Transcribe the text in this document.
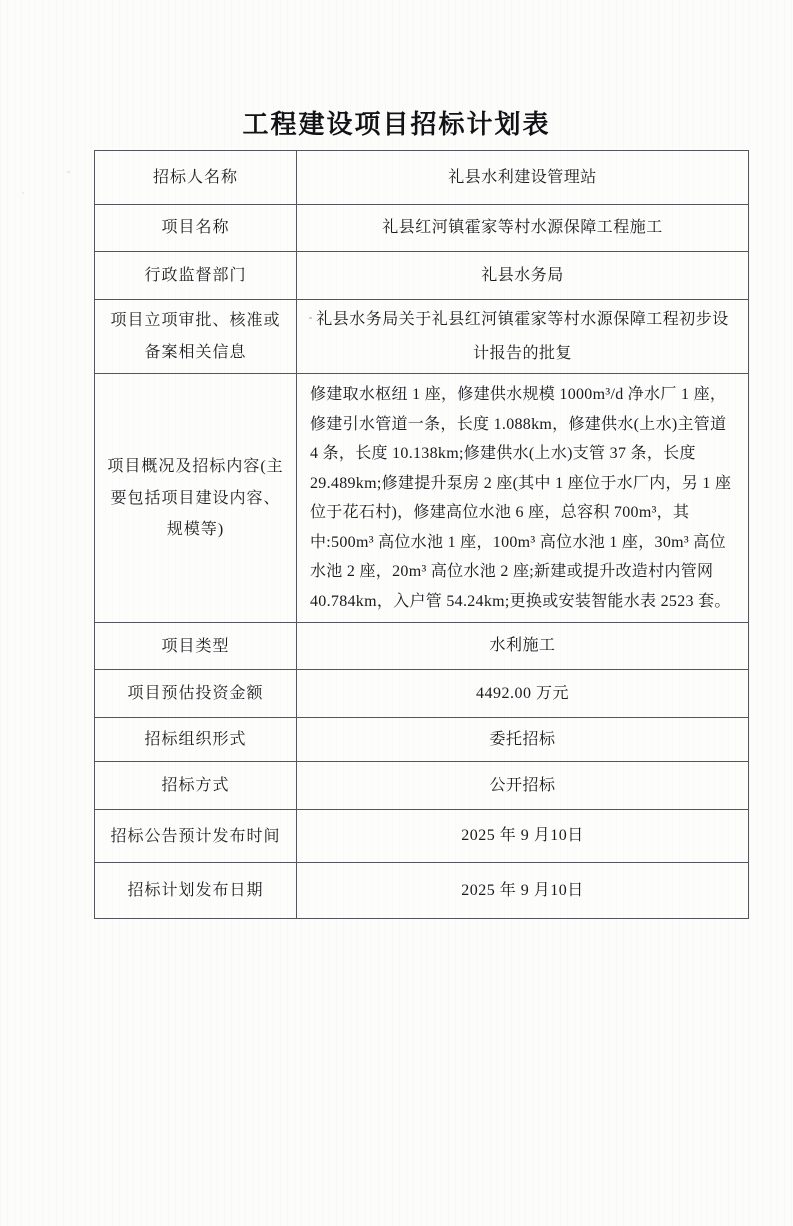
工程建设项目招标计划表
招标人名称	礼县水利建设管理站
项目名称	礼县红河镇霍家等村水源保障工程施工
行政监督部门	礼县水务局
项目立项审批、核准或备案相关信息	礼县水务局关于礼县红河镇霍家等村水源保障工程初步设计报告的批复
项目概况及招标内容(主要包括项目建设内容、规模等)	修建取水枢纽 1 座，修建供水规模 1000m³/d 净水厂 1 座，修建引水管道一条，长度 1.088km，修建供水(上水)主管道 4 条，长度 10.138km;修建供水(上水)支管 37 条，长度 29.489km;修建提升泵房 2 座(其中 1 座位于水厂内，另 1 座位于花石村)，修建高位水池 6 座，总容积 700m³，其中:500m³ 高位水池 1 座，100m³ 高位水池 1 座，30m³ 高位水池 2 座，20m³ 高位水池 2 座;新建或提升改造村内管网 40.784km，入户管 54.24km;更换或安装智能水表 2523 套。
项目类型	水利施工
项目预估投资金额	4492.00 万元
招标组织形式	委托招标
招标方式	公开招标
招标公告预计发布时间	2025 年 9 月10日
招标计划发布日期	2025 年 9 月10日
